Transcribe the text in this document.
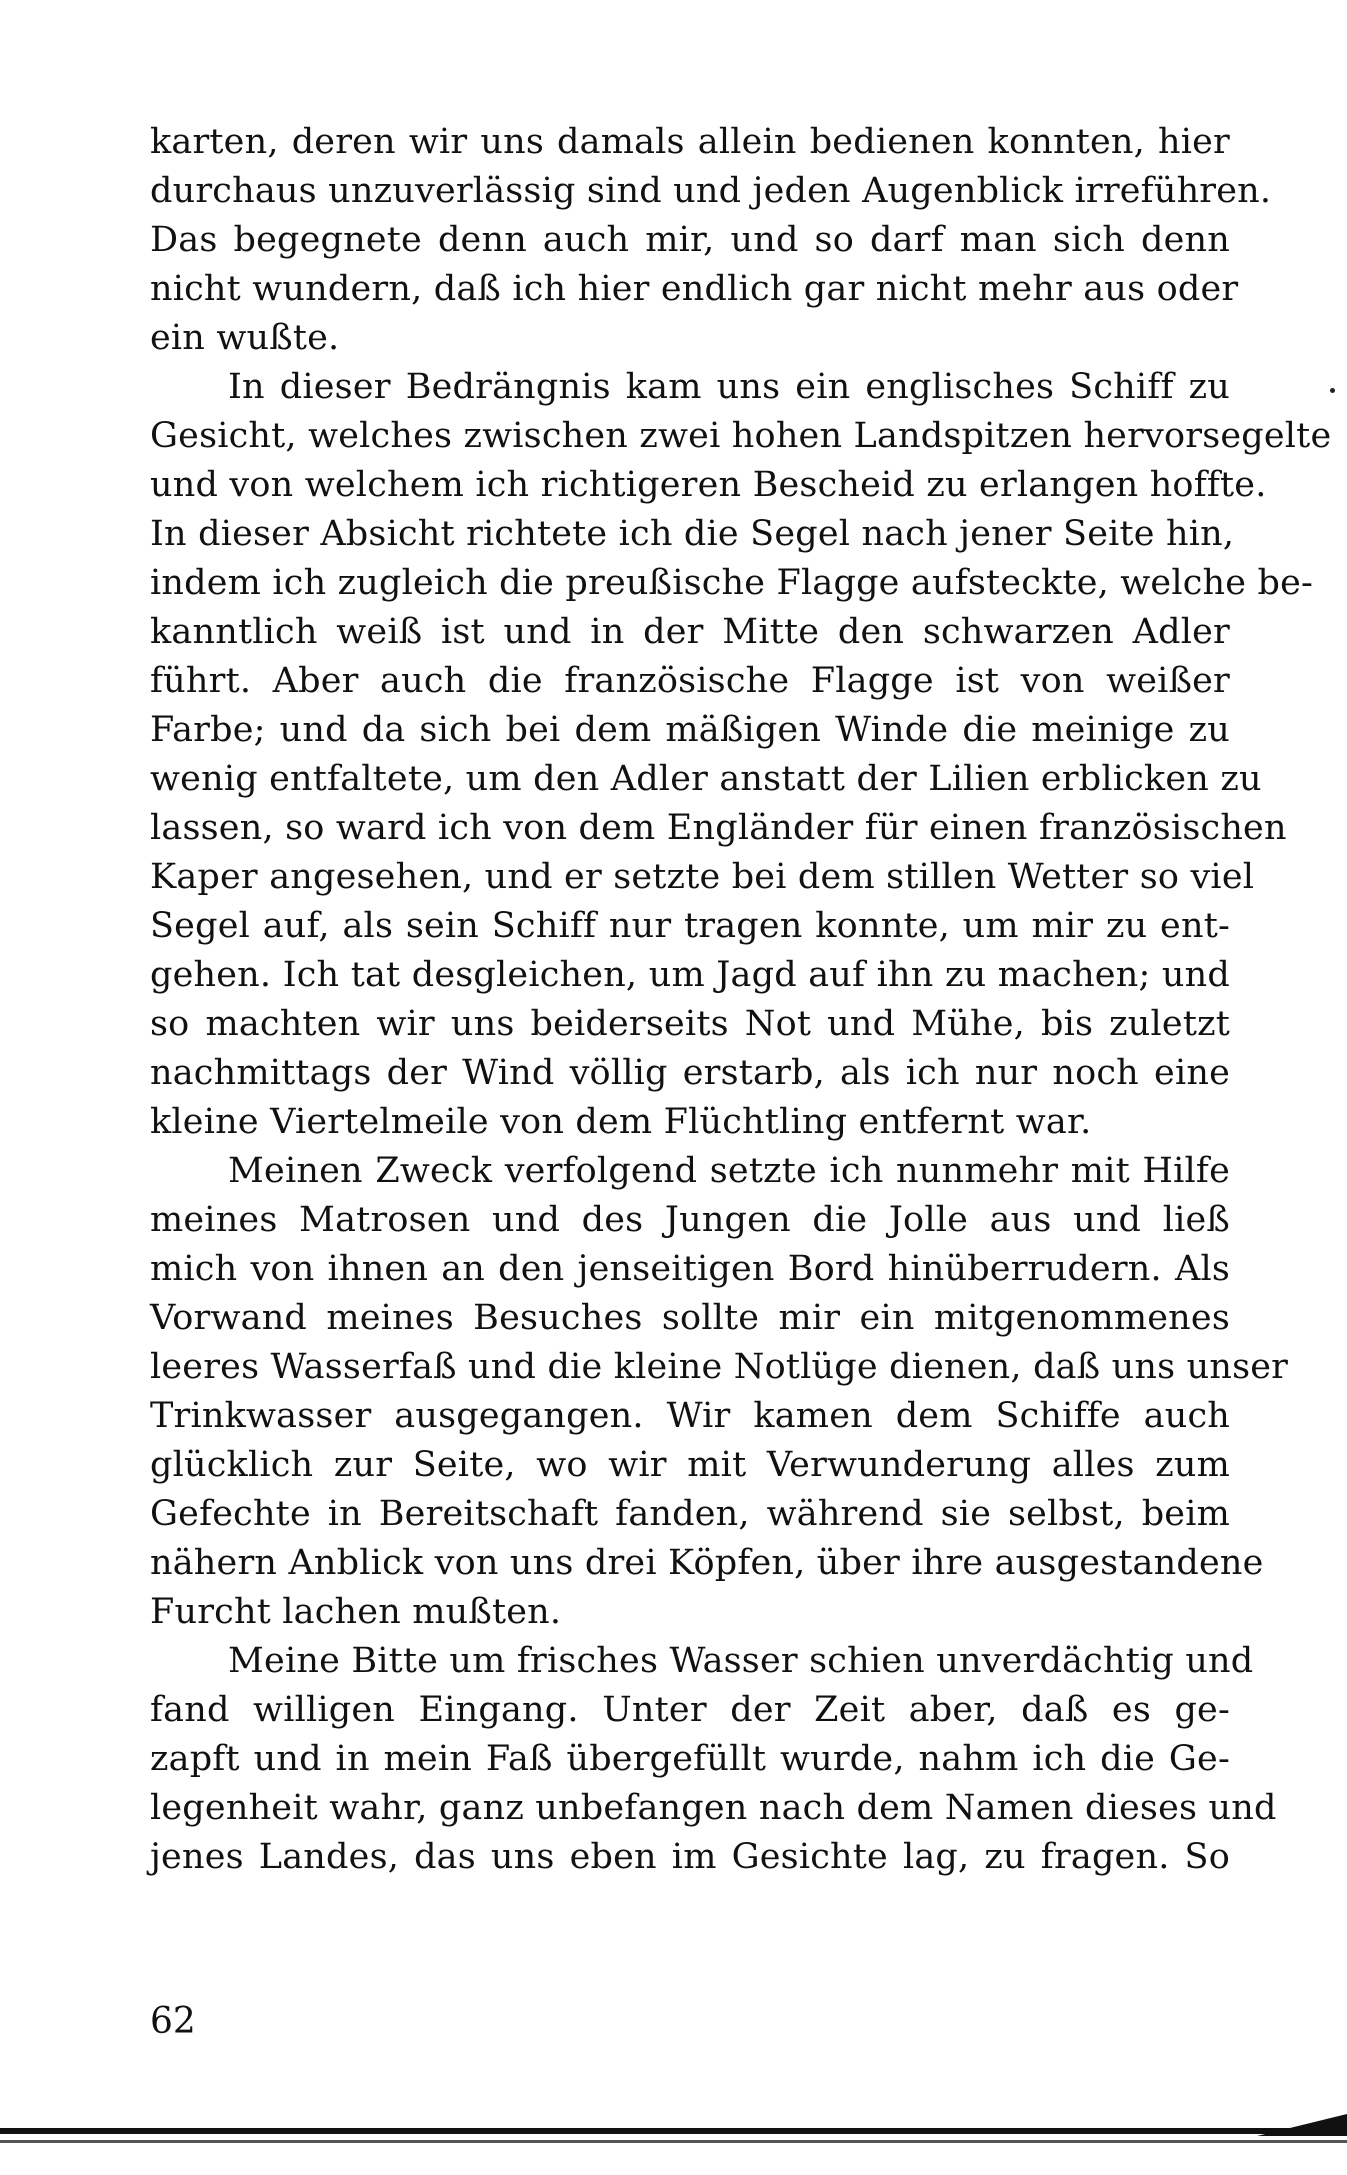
karten, deren wir uns damals allein bedienen konnten, hier
durchaus unzuverlässig sind und jeden Augenblick irreführen.
Das begegnete denn auch mir, und so darf man sich denn
nicht wundern, daß ich hier endlich gar nicht mehr aus oder
ein wußte.
In dieser Bedrängnis kam uns ein englisches Schiff zu
Gesicht, welches zwischen zwei hohen Landspitzen hervorsegelte
und von welchem ich richtigeren Bescheid zu erlangen hoffte.
In dieser Absicht richtete ich die Segel nach jener Seite hin,
indem ich zugleich die preußische Flagge aufsteckte, welche be-
kanntlich weiß ist und in der Mitte den schwarzen Adler
führt. Aber auch die französische Flagge ist von weißer
Farbe; und da sich bei dem mäßigen Winde die meinige zu
wenig entfaltete, um den Adler anstatt der Lilien erblicken zu
lassen, so ward ich von dem Engländer für einen französischen
Kaper angesehen, und er setzte bei dem stillen Wetter so viel
Segel auf, als sein Schiff nur tragen konnte, um mir zu ent-
gehen. Ich tat desgleichen, um Jagd auf ihn zu machen; und
so machten wir uns beiderseits Not und Mühe, bis zuletzt
nachmittags der Wind völlig erstarb, als ich nur noch eine
kleine Viertelmeile von dem Flüchtling entfernt war.
Meinen Zweck verfolgend setzte ich nunmehr mit Hilfe
meines Matrosen und des Jungen die Jolle aus und ließ
mich von ihnen an den jenseitigen Bord hinüberrudern. Als
Vorwand meines Besuches sollte mir ein mitgenommenes
leeres Wasserfaß und die kleine Notlüge dienen, daß uns unser
Trinkwasser ausgegangen. Wir kamen dem Schiffe auch
glücklich zur Seite, wo wir mit Verwunderung alles zum
Gefechte in Bereitschaft fanden, während sie selbst, beim
nähern Anblick von uns drei Köpfen, über ihre ausgestandene
Furcht lachen mußten.
Meine Bitte um frisches Wasser schien unverdächtig und
fand willigen Eingang. Unter der Zeit aber, daß es ge-
zapft und in mein Faß übergefüllt wurde, nahm ich die Ge-
legenheit wahr, ganz unbefangen nach dem Namen dieses und
jenes Landes, das uns eben im Gesichte lag, zu fragen. So
62
